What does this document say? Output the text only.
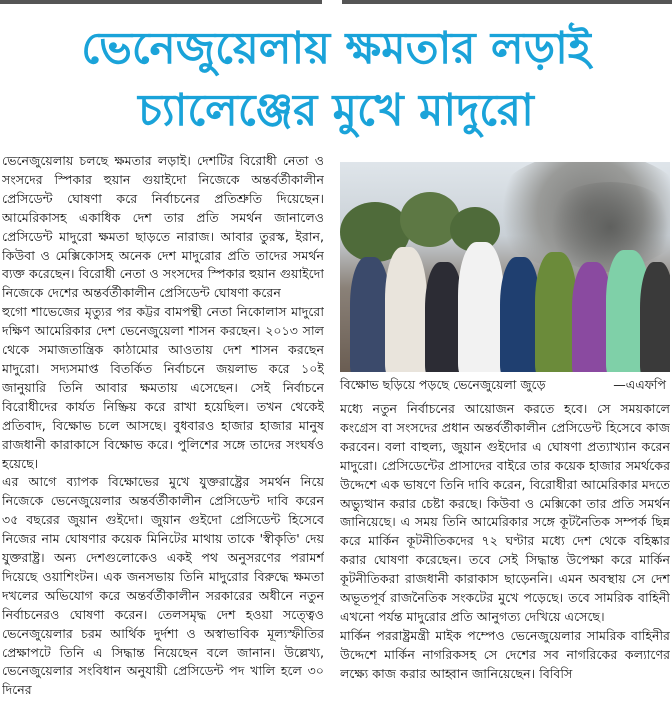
ভেনেজুয়েলায় ক্ষমতার লড়াই
চ্যালেঞ্জের মুখে মাদুরো

ভেনেজুয়েলায় চলছে ক্ষমতার লড়াই। দেশটির বিরোধী নেতা ও সংসদের স্পিকার হুয়ান গুয়াইদো নিজেকে অন্তর্বর্তীকালীন প্রেসিডেন্ট ঘোষণা করে নির্বাচনের প্রতিশ্রুতি দিয়েছেন। আমেরিকাসহ একাধিক দেশ তার প্রতি সমর্থন জানালেও প্রেসিডেন্ট মাদুরো ক্ষমতা ছাড়তে নারাজ। আবার তুরস্ক, ইরান, কিউবা ও মেক্সিকোসহ অনেক দেশ মাদুরোর প্রতি তাদের সমর্থন ব্যক্ত করেছেন। বিরোধী নেতা ও সংসদের স্পিকার হুয়ান গুয়াইদো নিজেকে দেশের অন্তর্বর্তীকালীন প্রেসিডেন্ট ঘোষণা করেন

হুগো শাভেজের মৃত্যুর পর কট্টর বামপন্থী নেতা নিকোলাস মাদুরো দক্ষিণ আমেরিকার দেশ ভেনেজুয়েলা শাসন করছেন। ২০১৩ সাল থেকে সমাজতান্ত্রিক কাঠামোর আওতায় দেশ শাসন করছেন মাদুরো। সদ্যসমাপ্ত বিতর্কিত নির্বাচনে জয়লাভ করে ১০ই জানুয়ারি তিনি আবার ক্ষমতায় এসেছেন। সেই নির্বাচনে বিরোধীদের কার্যত নিষ্ক্রিয় করে রাখা হয়েছিল। তখন থেকেই প্রতিবাদ, বিক্ষোভ চলে আসছে। বুধবারও হাজার হাজার মানুষ রাজধানী কারাকাসে বিক্ষোভ করে। পুলিশের সঙ্গে তাদের সংঘর্ষও হয়েছে।

এর আগে ব্যাপক বিক্ষোভের মুখে যুক্তরাষ্ট্রের সমর্থন নিয়ে নিজেকে ভেনেজুয়েলার অন্তর্বর্তীকালীন প্রেসিডেন্ট দাবি করেন ৩৫ বছরের জুয়ান গুইদো। জুয়ান গুইদো প্রেসিডেন্ট হিসেবে নিজের নাম ঘোষণার কয়েক মিনিটের মাথায় তাকে 'স্বীকৃতি' দেয় যুক্তরাষ্ট্র। অন্য দেশগুলোকেও একই পথ অনুসরণের পরামর্শ দিয়েছে ওয়াশিংটন। এক জনসভায় তিনি মাদুরোর বিরুদ্ধে ক্ষমতা দখলের অভিযোগ করে অন্তর্বর্তীকালীন সরকারের অধীনে নতুন নির্বাচনেরও ঘোষণা করেন। তেলসমৃদ্ধ দেশ হওয়া সত্ত্বেও ভেনেজুয়েলার চরম আর্থিক দুর্দশা ও অস্বাভাবিক মূল্যস্ফীতির প্রেক্ষাপটে তিনি এ সিদ্ধান্ত নিয়েছেন বলে জানান। উল্লেখ্য, ভেনেজুয়েলার সংবিধান অনুযায়ী প্রেসিডেন্ট পদ খালি হলে ৩০ দিনের

বিক্ষোভ ছড়িয়ে পড়ছে ভেনেজুয়েলা জুড়ে	—এএফপি

মধ্যে নতুন নির্বাচনের আয়োজন করতে হবে। সে সময়কালে কংগ্রেস বা সংসদের প্রধান অন্তর্বর্তীকালীন প্রেসিডেন্ট হিসেবে কাজ করবেন। বলা বাহুল্য, জুয়ান গুইদোর এ ঘোষণা প্রত্যাখ্যান করেন মাদুরো। প্রেসিডেন্টের প্রাসাদের বাইরে তার কয়েক হাজার সমর্থকের উদ্দেশে এক ভাষণে তিনি দাবি করেন, বিরোধীরা আমেরিকার মদতে অভ্যুত্থান করার চেষ্টা করছে। কিউবা ও মেক্সিকো তার প্রতি সমর্থন জানিয়েছে। এ সময় তিনি আমেরিকার সঙ্গে কূটনৈতিক সম্পর্ক ছিন্ন করে মার্কিন কূটনীতিকদের ৭২ ঘণ্টার মধ্যে দেশ থেকে বহিষ্কার করার ঘোষণা করেছেন। তবে সেই সিদ্ধান্ত উপেক্ষা করে মার্কিন কূটনীতিকরা রাজধানী কারাকাস ছাড়েননি। এমন অবস্থায় সে দেশ অভূতপূর্ব রাজনৈতিক সংকটের মুখে পড়েছে। তবে সামরিক বাহিনী এখনো পর্যন্ত মাদুরোর প্রতি আনুগত্য দেখিয়ে এসেছে।

মার্কিন পররাষ্ট্রমন্ত্রী মাইক পম্পেও ভেনেজুয়েলার সামরিক বাহিনীর উদ্দেশে মার্কিন নাগরিকসহ সে দেশের সব নাগরিকের কল্যাণের লক্ষ্যে কাজ করার আহ্বান জানিয়েছেন। বিবিসি
